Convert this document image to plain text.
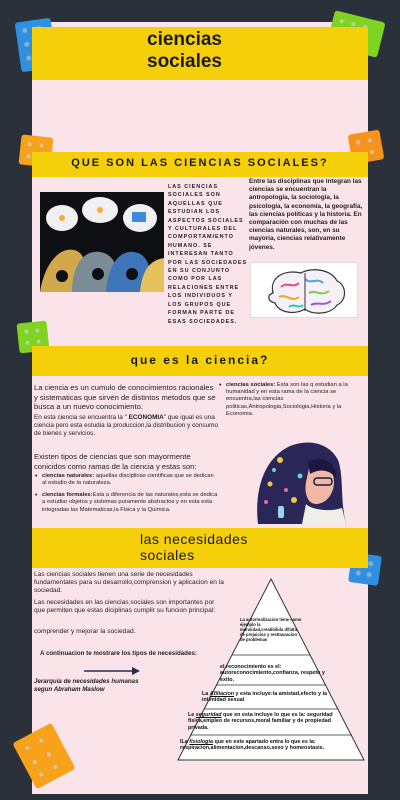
ciencias sociales
QUE SON LAS CIENCIAS SOCIALES?
LAS CIENCIAS SOCIALES SON AQUELLAS QUE ESTUDIAN LOS ASPECTOS SOCIALES Y CULTURALES DEL COMPORTAMIENTO HUMANO. SE INTERESAN TANTO POR LAS SOCIEDADES EN SU CONJUNTO COMO POR LAS RELACIONES ENTRE LOS INDIVIDUOS Y LOS GRUPOS QUE FORMAN PARTE DE ESAS SOCIEDADES.
Entre las disciplinas que integran las ciencias se encuentran la antropología, la sociología, la psicología, la economía, la geografía, las ciencias políticas y la historia. En comparación con muchas de las ciencias naturales, son, en su mayoría, ciencias relativamente jóvenes.
que es la ciencia?
La ciencia es un cumulo de conocimientos racionales y sistematicas que sirven de distintos metodos que se busca a un nuevo conocimiento.
En esta ciencia se encuentra la " ECONOMIA" que igual es una ciencia pero esta estudia la produccion,la distribucion y consumo de bienes y servicios.
Existen tipos de ciencias que son mayormente conicidos como ramas de la ciencia y estas son:
• ciencias naturales: aquellas disciplinas cientificas que se dedican al estudio de la naturaleza.
• ciencias formales:Esta a diferencia de las naturales,esta se dedica a estudiar objetos y sistemas puramente abstractos y en esta esta integradas las Matematicas,la Fisica y la Quimica.
• ciencias sociales: Esta son las q estudian a la humanidad y en esta rama de la ciencia se encuentra,las ciencias politicas,Antropologia,Sociologia,Historia y la Economia.
las necesidades sociales
Las ciencias sociales tienen una serie de necesidades fundamentales para su desarrollo,comprension y aplicacion en la sociedad.
Las necesidades en las ciencias sociales son importantes por que permiten que estas diciplinas cumplir su funcion principal:
comprender y mejorar la sociedad.
A continuacion te mostrare los tipos de necesidades:
Jerarquia de necesidades humanas segun Abraham Maslow
La autorrealizacion tiene como ejemplo la moralidad,creatibilida d\falta de prejuicios y resttauracion de problemas
el reconocimiento es el: autoreconocimiento,confianza, respeto y exito.
La Afiliacion y esta incluye:la amistad,efecto y la intimidad sexual
Le seguridad que en esta incluye lo que es la: seguridad fisica,empleo de recursos,moral familiar y de propiedad privada.
lLa fisiologia que en este apartado entra lo que es la: respiracion,alimentacion,descanso,sexo y homeostasis.
